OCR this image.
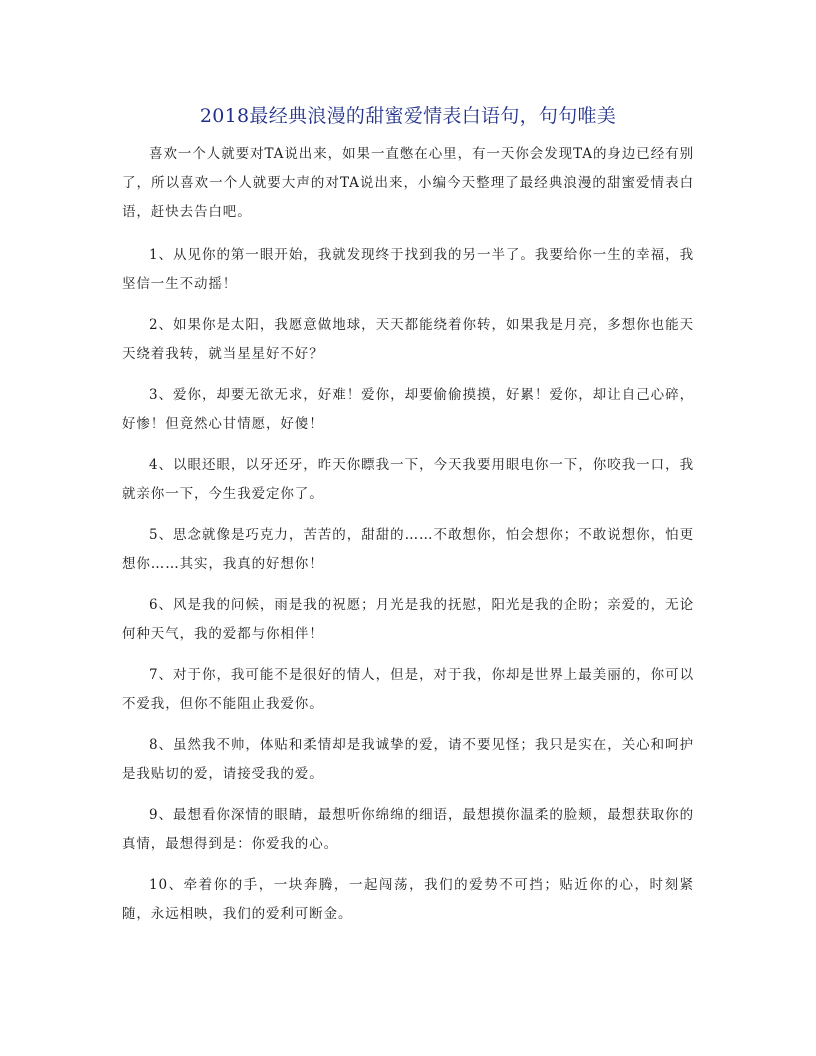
2018最经典浪漫的甜蜜爱情表白语句，句句唯美

喜欢一个人就要对TA说出来，如果一直憋在心里，有一天你会发现TA的身边已经有别了，所以喜欢一个人就要大声的对TA说出来，小编今天整理了最经典浪漫的甜蜜爱情表白语，赶快去告白吧。

1、从见你的第一眼开始，我就发现终于找到我的另一半了。我要给你一生的幸福，我坚信一生不动摇！

2、如果你是太阳，我愿意做地球，天天都能绕着你转，如果我是月亮，多想你也能天天绕着我转，就当星星好不好？

3、爱你，却要无欲无求，好难！爱你，却要偷偷摸摸，好累！爱你，却让自己心碎，好惨！但竟然心甘情愿，好傻！

4、以眼还眼，以牙还牙，昨天你瞟我一下，今天我要用眼电你一下，你咬我一口，我就亲你一下，今生我爱定你了。

5、思念就像是巧克力，苦苦的，甜甜的……不敢想你，怕会想你；不敢说想你，怕更想你……其实，我真的好想你！

6、风是我的问候，雨是我的祝愿；月光是我的抚慰，阳光是我的企盼；亲爱的，无论何种天气，我的爱都与你相伴！

7、对于你，我可能不是很好的情人，但是，对于我，你却是世界上最美丽的，你可以不爱我，但你不能阻止我爱你。

8、虽然我不帅，体贴和柔情却是我诚挚的爱，请不要见怪；我只是实在，关心和呵护是我贴切的爱，请接受我的爱。

9、最想看你深情的眼睛，最想听你绵绵的细语，最想摸你温柔的脸颊，最想获取你的真情，最想得到是：你爱我的心。

10、牵着你的手，一块奔腾，一起闯荡，我们的爱势不可挡；贴近你的心，时刻紧随，永远相映，我们的爱利可断金。
